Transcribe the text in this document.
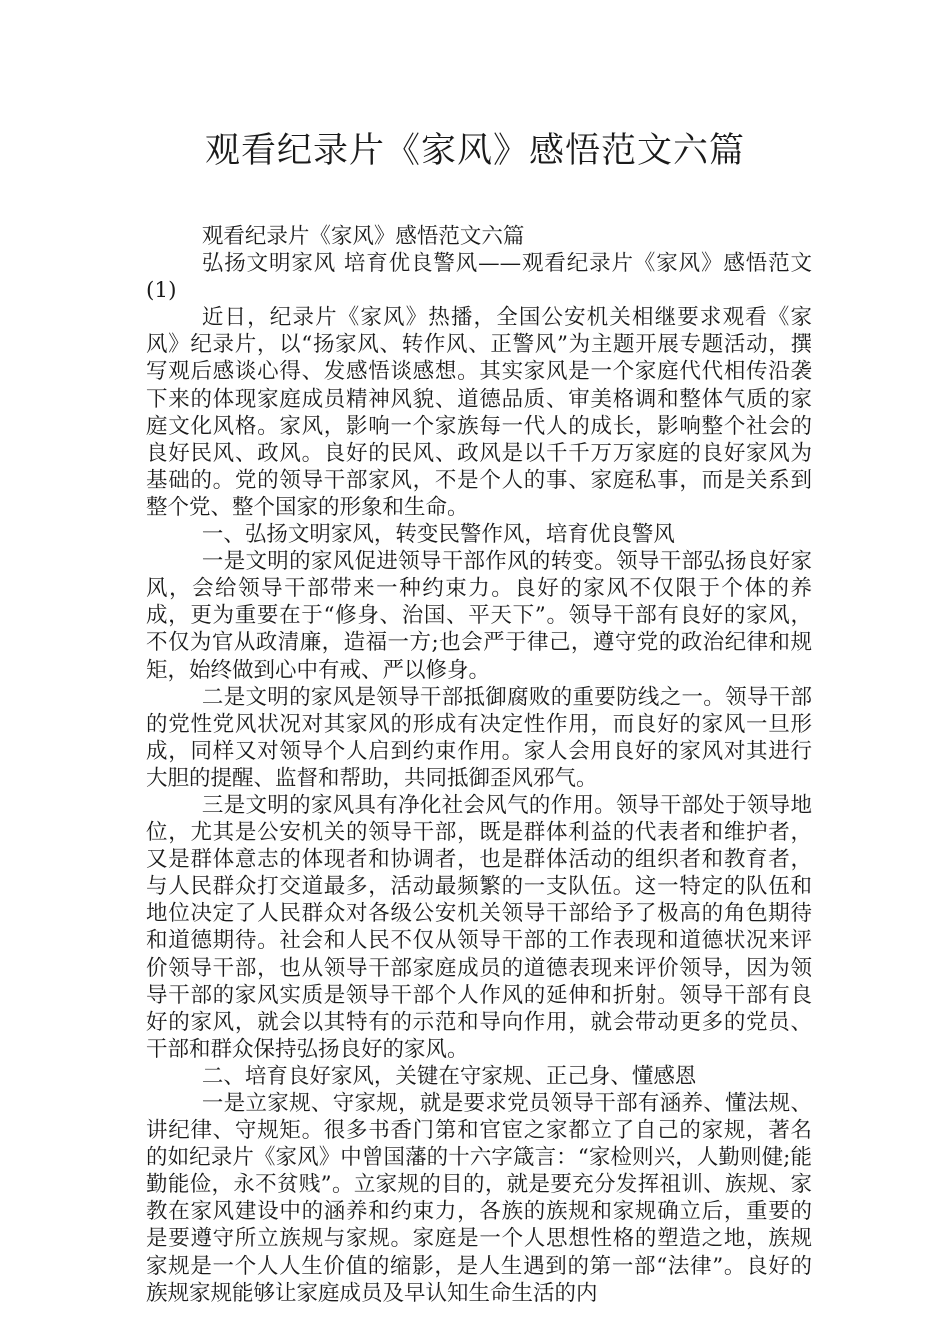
观看纪录片《家风》感悟范文六篇

观看纪录片《家风》感悟范文六篇

弘扬文明家风 培育优良警风——观看纪录片《家风》感悟范文(1)

近日，纪录片《家风》热播，全国公安机关相继要求观看《家风》纪录片，以“扬家风、转作风、正警风”为主题开展专题活动，撰写观后感谈心得、发感悟谈感想。其实家风是一个家庭代代相传沿袭下来的体现家庭成员精神风貌、道德品质、审美格调和整体气质的家庭文化风格。家风，影响一个家族每一代人的成长，影响整个社会的良好民风、政风。良好的民风、政风是以千千万万家庭的良好家风为基础的。党的领导干部家风，不是个人的事、家庭私事，而是关系到整个党、整个国家的形象和生命。

一、弘扬文明家风，转变民警作风，培育优良警风

一是文明的家风促进领导干部作风的转变。领导干部弘扬良好家风，会给领导干部带来一种约束力。良好的家风不仅限于个体的养成，更为重要在于“修身、治国、平天下”。领导干部有良好的家风，不仅为官从政清廉，造福一方;也会严于律己，遵守党的政治纪律和规矩，始终做到心中有戒、严以修身。

二是文明的家风是领导干部抵御腐败的重要防线之一。领导干部的党性党风状况对其家风的形成有决定性作用，而良好的家风一旦形成，同样又对领导个人启到约束作用。家人会用良好的家风对其进行大胆的提醒、监督和帮助，共同抵御歪风邪气。

三是文明的家风具有净化社会风气的作用。领导干部处于领导地位，尤其是公安机关的领导干部，既是群体利益的代表者和维护者，又是群体意志的体现者和协调者，也是群体活动的组织者和教育者，与人民群众打交道最多，活动最频繁的一支队伍。这一特定的队伍和地位决定了人民群众对各级公安机关领导干部给予了极高的角色期待和道德期待。社会和人民不仅从领导干部的工作表现和道德状况来评价领导干部，也从领导干部家庭成员的道德表现来评价领导，因为领导干部的家风实质是领导干部个人作风的延伸和折射。领导干部有良好的家风，就会以其特有的示范和导向作用，就会带动更多的党员、干部和群众保持弘扬良好的家风。

二、培育良好家风，关键在守家规、正己身、懂感恩

一是立家规、守家规，就是要求党员领导干部有涵养、懂法规、讲纪律、守规矩。很多书香门第和官宦之家都立了自己的家规，著名的如纪录片《家风》中曾国藩的十六字箴言：“家检则兴，人勤则健;能勤能俭，永不贫贱”。立家规的目的，就是要充分发挥祖训、族规、家教在家风建设中的涵养和约束力，各族的族规和家规确立后，重要的是要遵守所立族规与家规。家庭是一个人思想性格的塑造之地，族规家规是一个人人生价值的缩影，是人生遇到的第一部“法律”。良好的族规家规能够让家庭成员及早认知生命生活的内
